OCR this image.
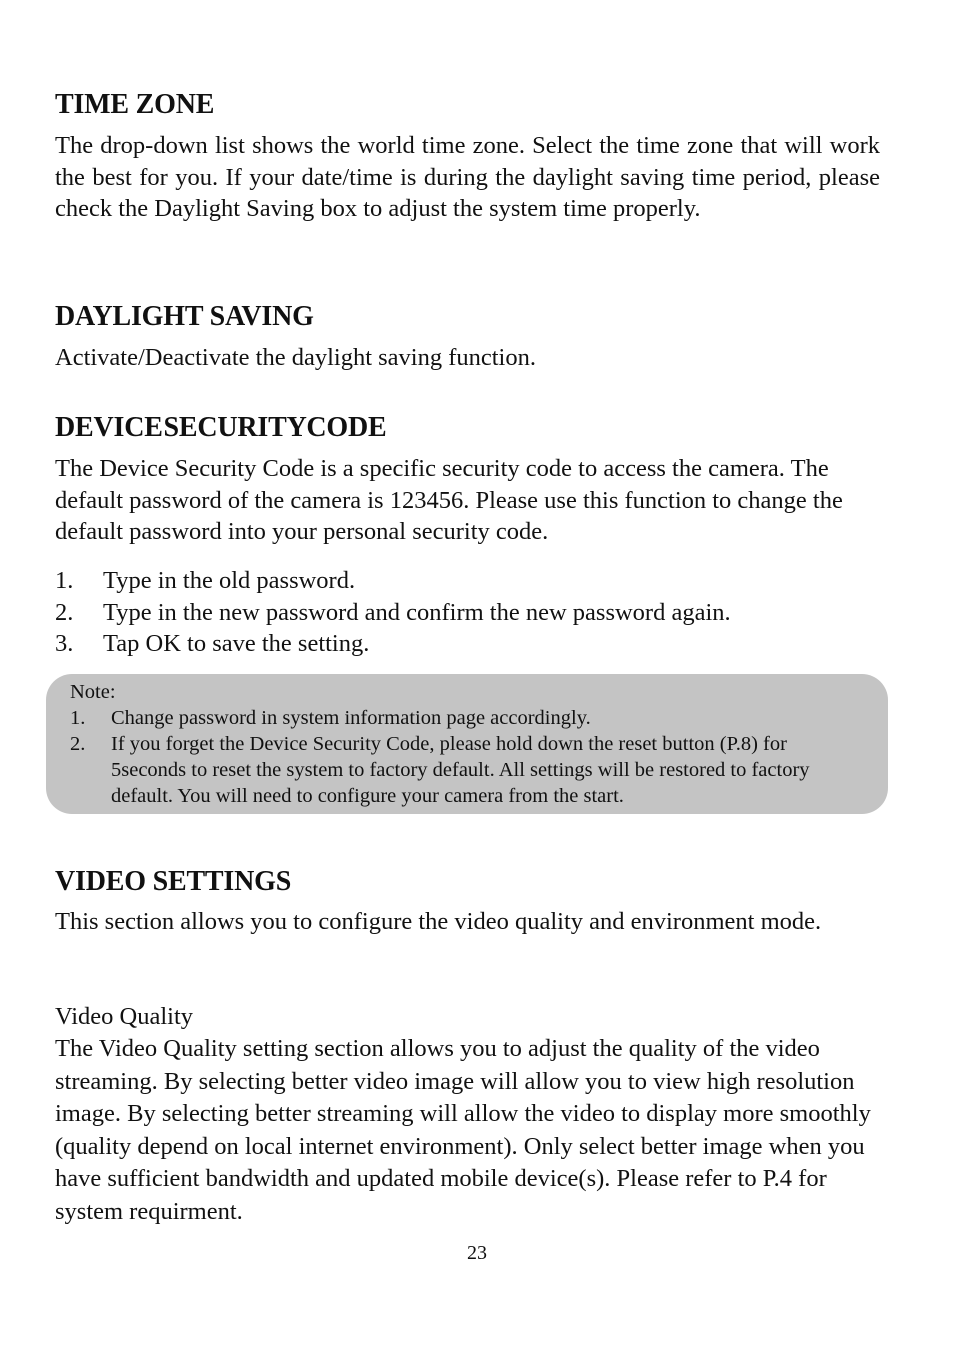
TIME ZONE

The drop-down list shows the world time zone. Select the time zone that will work the best for you. If your date/time is during the daylight saving time period, please check the Daylight Saving box to adjust the system time properly.

DAYLIGHT SAVING

Activate/Deactivate the daylight saving function.

DEVICE SECURITY CODE

The Device Security Code is a specific security code to access the camera. The default password of the camera is 123456. Please use this function to change the default password into your personal security code.

1.	Type in the old password.
2.	Type in the new password and confirm the new password again.
3.	Tap OK to save the setting.
VIDEO SETTINGS

This section allows you to configure the video quality and environment mode.

Video Quality

The Video Quality setting section allows you to adjust the quality of the video streaming. By selecting better video image will allow you to view high resolution image. By selecting better streaming will allow the video to display more smoothly (quality depend on local internet environment). Only select better image when you have sufficient bandwidth and updated mobile device(s). Please refer to P.4 for system requirment.

Note:
1.	Change password in system information page accordingly.
2.	If you forget the Device Security Code, please hold down the reset button (P.8) for 5seconds to reset the system to factory default. All settings will be restored to factory default. You will need to configure your camera from the start.
23
